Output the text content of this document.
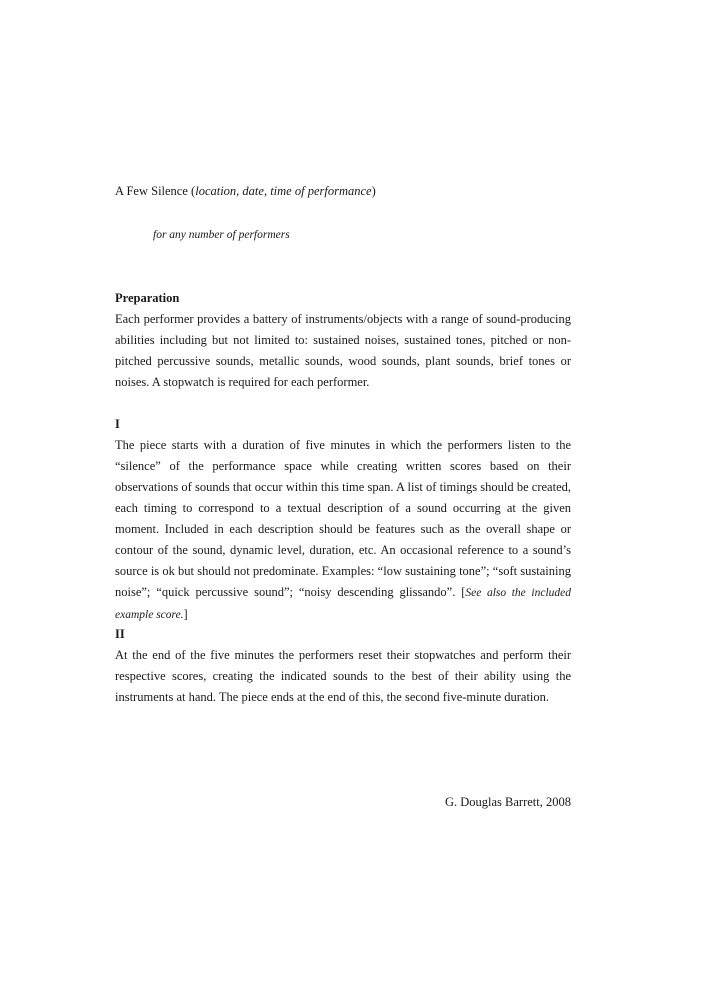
A Few Silence (location, date, time of performance)
for any number of performers
Preparation

Each performer provides a battery of instruments/objects with a range of sound-producing abilities including but not limited to: sustained noises, sustained tones, pitched or non-pitched percussive sounds, metallic sounds, wood sounds, plant sounds, brief tones or noises. A stopwatch is required for each performer.

I

The piece starts with a duration of five minutes in which the performers listen to the “silence” of the performance space while creating written scores based on their observations of sounds that occur within this time span. A list of timings should be created, each timing to correspond to a textual description of a sound occurring at the given moment. Included in each description should be features such as the overall shape or contour of the sound, dynamic level, duration, etc. An occasional reference to a sound’s source is ok but should not predominate. Examples: “low sustaining tone”; “soft sustaining noise”; “quick percussive sound”; “noisy descending glissando”. [See also the included example score.]

II

At the end of the five minutes the performers reset their stopwatches and perform their respective scores, creating the indicated sounds to the best of their ability using the instruments at hand. The piece ends at the end of this, the second five-minute duration.

G. Douglas Barrett, 2008
